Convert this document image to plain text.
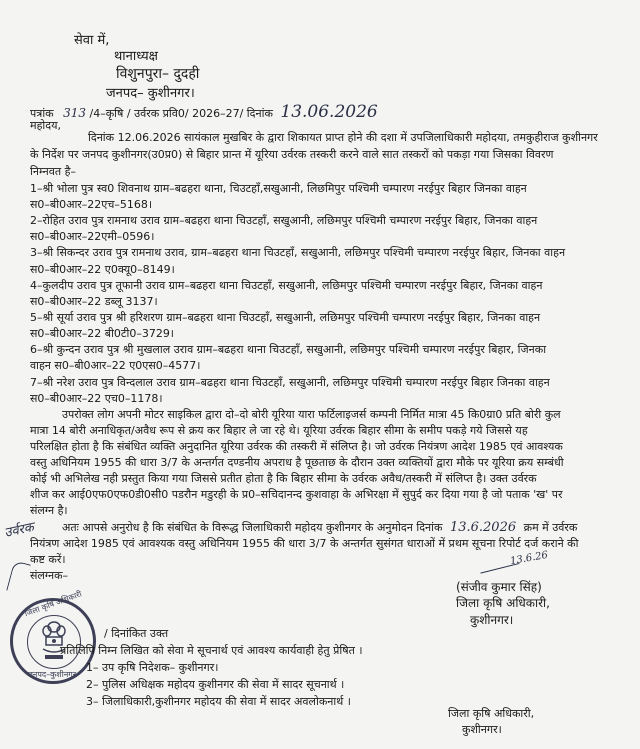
सेवा में,
थानाध्यक्ष
विशुनपुरा– दुदही
जनपद– कुशीनगर।
पत्रांक 313 /4–कृषि / उर्वरक प्रवि0/ 2026–27/ दिनांक 13.06.2026
महोदय,
दिनांक 12.06.2026 सायंकाल मुखबिर के द्वारा शिकायत प्राप्त होने की दशा में उपजिलाधिकारी महोदया, तमकुहीराज कुशीनगर
के निर्देश पर जनपद कुशीनगर(उ0प्र0) से बिहार प्रान्त में यूरिया उर्वरक तस्करी करने वाले सात तस्करों को पकड़ा गया जिसका विवरण
निम्नवत है–
1–श्री भोला पुत्र स्व0 शिवनाथ ग्राम–बढहरा थाना, चिउटहाँ,सखुआनी, लिछमिपुर पश्चिमी चम्पारण नरईपुर बिहार जिनका वाहन
स0–बी0आर–22एच–5168।
2–रोहित उराव पुत्र रामनाथ उराव ग्राम–बढहरा थाना चिउटहाँ, सखुआनी, लछिमपुर पश्चिमी चम्पारण नरईपुर बिहार, जिनका वाहन
स0–बी0आर–22एमी–0596।
3–श्री सिकन्दर उराव पुत्र रामनाथ उराव, ग्राम–बढहरा थाना चिउटहाँ, सखुआनी, लछिमपुर पश्चिमी चम्पारण नरईपुर बिहार, जिनका वाहन
स0–बी0आर–22 ए0क्यू0–8149।
4–कुलदीप उराव पुत्र तूफानी उराव ग्राम–बढहरा थाना चिउटहाँ, सखुआनी, लछिमपुर पश्चिमी चम्पारण नरईपुर बिहार, जिनका वाहन
स0–बी0आर–22 डब्लू 3137।
5–श्री सूर्या उराव पुत्र श्री हरिशरण ग्राम–बढहरा थाना चिउटहाँ, सखुआनी, लछिमपुर पश्चिमी चम्पारण नरईपुर बिहार, जिनका वाहन
स0–बी0आर–22 बी0टी0–3729।
6–श्री कुन्दन उराव पुत्र श्री मुखलाल उराव ग्राम–बढहरा थाना चिउटहाँ, सखुआनी, लछिमपुर पश्चिमी चम्पारण नरईपुर बिहार, जिनका
वाहन स0–बी0आर–22 ए0एस0–4577।
7–श्री नरेश उराव पुत्र विन्दलाल उराव ग्राम–बढहरा थाना चिउटहाँ, सखुआनी, लछिमपुर पश्चिमी चम्पारण नरईपुर बिहार जिनका वाहन
स0–बी0आर–22 एच0–1178।
उपरोक्त लोग अपनी मोटर साइकिल द्वारा दो–दो बोरी यूरिया यारा फर्टिलाइजर्स कम्पनी निर्मित मात्रा 45 कि0ग्रा0 प्रति बोरी कुल
मात्रा 14 बोरी अनाधिकृत/अवैध रूप से क्रय कर बिहार ले जा रहे थे। यूरिया उर्वरक बिहार सीमा के समीप पकड़े गये जिससे यह
परिलक्षित होता है कि संबंधित व्यक्ति अनुदानित यूरिया उर्वरक की तस्करी में संलिप्त है। जो उर्वरक नियंत्रण आदेश 1985 एवं आवश्यक
वस्तु अधिनियम 1955 की धारा 3/7 के अन्तर्गत दण्डनीय अपराध है पूछताछ के दौरान उक्त व्यक्तियों द्वारा मौके पर यूरिया क्रय सम्बंधी
कोई भी अभिलेख नही प्रस्तुत किया गया जिससे प्रतीत होता है कि बिहार सीमा के उर्वरक अवैध/तस्करी में संलिप्त है। उक्त उर्वरक
शीज कर आई0एफ0एफ0डी0सी0 पडरौन मडुरही के प्र0–सचिदानन्द कुशवाहा के अभिरक्षा में सुपुर्द कर दिया गया है जो पताक 'ख' पर
संलग्न है।
उर्वरक अतः आपसे अनुरोध है कि संबंधित के विरूद्ध जिलाधिकारी महोदय कुशीनगर के अनुमोदन दिनांक 13.6.2026 क्रम में उर्वरक
नियंत्रण आदेश 1985 एवं आवश्यक वस्तु अधिनियम 1955 की धारा 3/7 के अन्तर्गत सुसंगत धाराओं में प्रथम सूचना रिपोर्ट दर्ज कराने की
कष्ट करें।
संलग्नक–
13.6.26
(संजीव कुमार सिंह)
जिला कृषि अधिकारी,
कुशीनगर।
जिला कृषि अधिकारी
जनपद–कुशीनगर
/ दिनांकित उक्त
प्रतिलिपि निम्न लिखित को सेवा मे सूचनार्थ एवं आवश्य कार्यवाही हेतु प्रेषित ।
1– उप कृषि निदेशक– कुशीनगर।
2– पुलिस अधिक्षक महोदय कुशीनगर की सेवा में सादर सूचनार्थ ।
3– जिलाधिकारी,कुशीनगर महोदय की सेवा में सादर अवलोकनार्थ ।
जिला कृषि अधिकारी,
कुशीनगर।
